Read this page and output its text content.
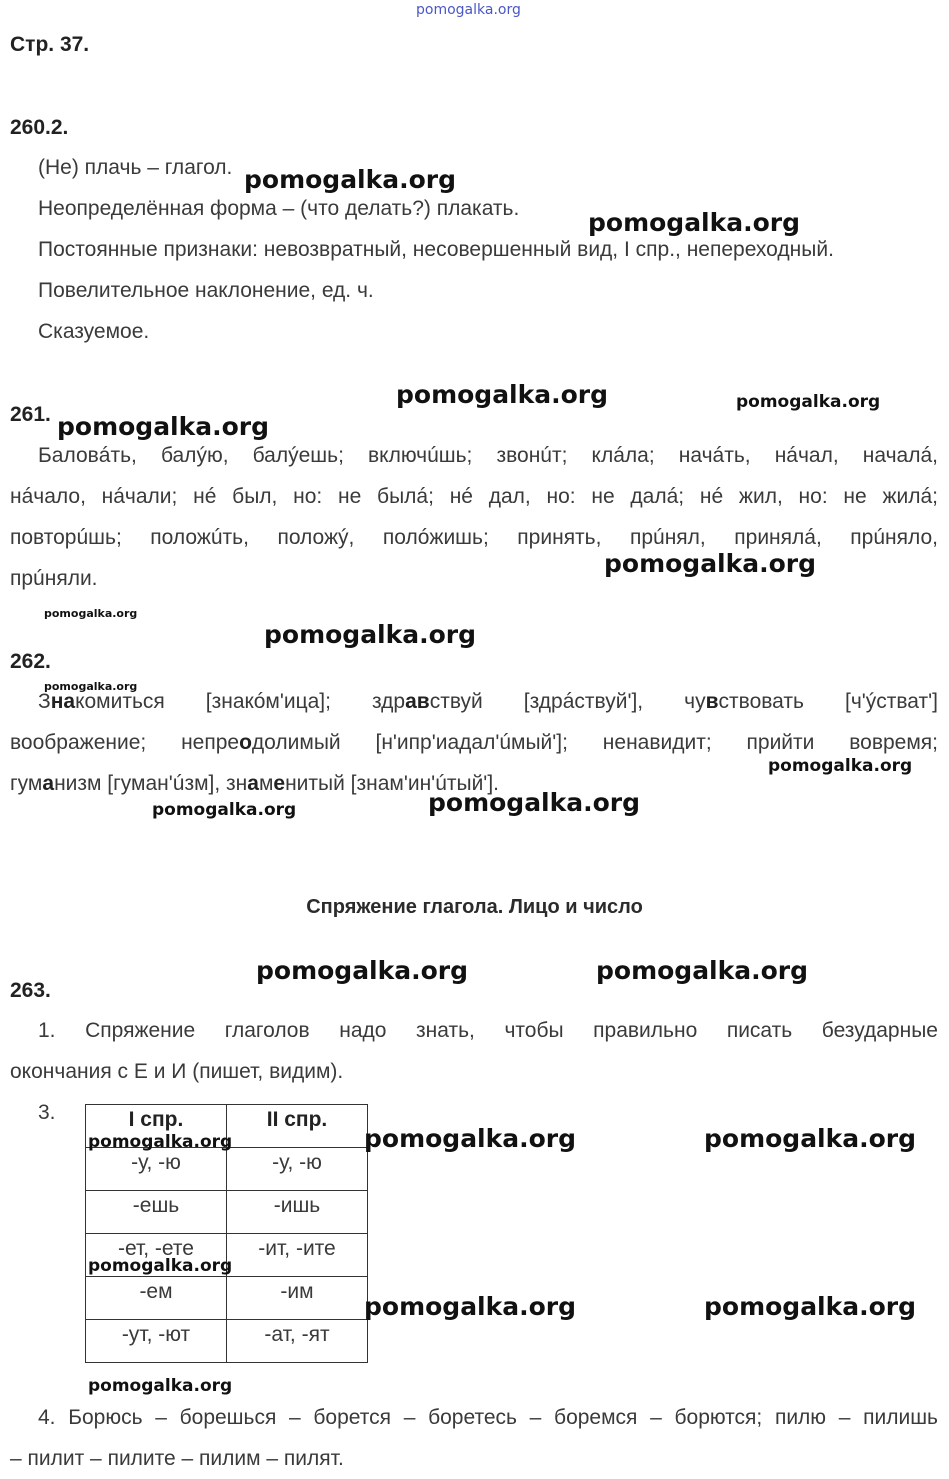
pomogalka.org
Стр. 37.
260.2.
(Не) плачь – глагол.
Неопределённая форма – (что делать?) плакать.
Постоянные признаки: невозвратный, несовершенный вид, I спр., непереходный.
Повелительное наклонение, ед. ч.
Сказуемое.
261.
Баловáть, балýю, балýешь; включúшь; звонúт; клáла; начáть, нáчал, началá,
нáчало, нáчали; нé был, но: не былá; нé дал, но: не далá; нé жил, но: не жилá;
повторúшь; положúть, положý, полóжишь; принять, прúнял, принялá, прúняло,
прúняли.
262.
Знакомиться [знакóм'ица]; здравствуй [здрáствуй'], чувствовать [ч'ýстват']
воображение; непреодолимый [н'ипр'иадал'úмый']; ненавидит; прийти вовремя;
гуманизм [гуман'úзм], знаменитый [знам'ин'úтый'].
Спряжение глагола. Лицо и число
263.
1. Спряжение глаголов надо знать, чтобы правильно писать безударные
окончания с Е и И (пишет, видим).
3.	I спр.	II спр.
-у, -ю	-у, -ю
-ешь	-ишь
-ет, -ете	-ит, -ите
-ем	-им
-ут, -ют	-ат, -ят
4. Борюсь – борешься – борется – боретесь – боремся – борются; пилю – пилишь
– пилит – пилите – пилим – пилят.
pomogalka.org
pomogalka.org
pomogalka.org	pomogalka.org
pomogalka.org
pomogalka.org
pomogalka.org
pomogalka.org
pomogalka.org
pomogalka.org
pomogalka.org
pomogalka.org
pomogalka.org	pomogalka.org
pomogalka.org	pomogalka.org	pomogalka.org
pomogalka.org
pomogalka.org	pomogalka.org
pomogalka.org
